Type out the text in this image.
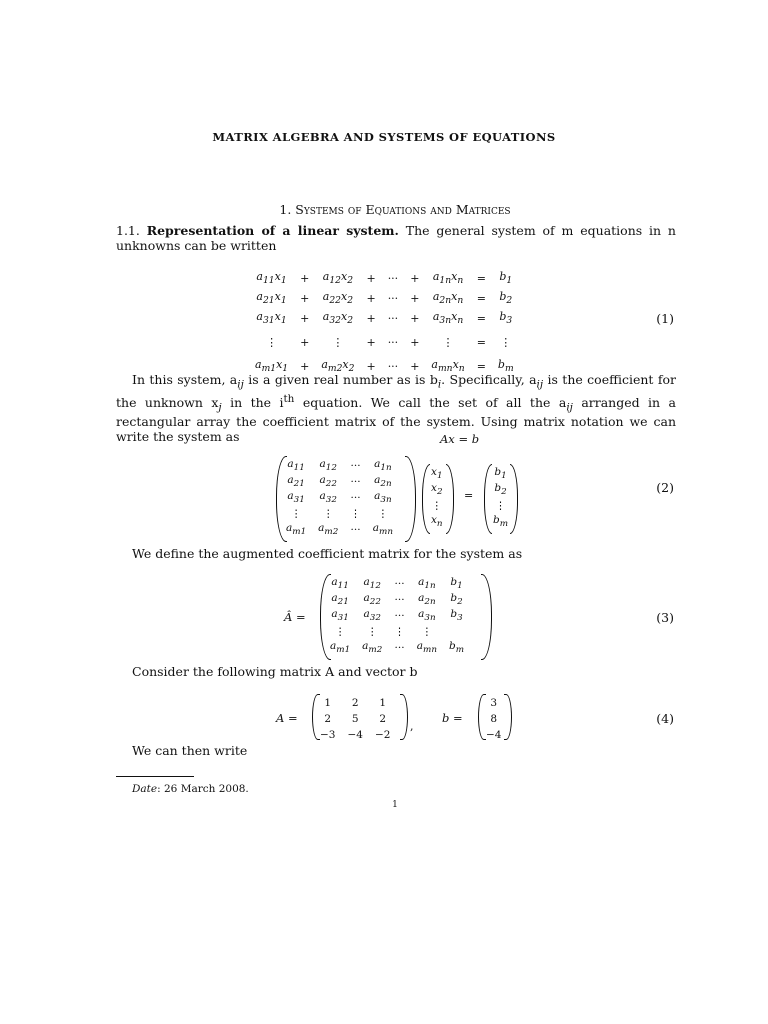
MATRIX ALGEBRA AND SYSTEMS OF EQUATIONS
1. Systems of Equations and Matrices
1.1. Representation of a linear system. The general system of m equations in n unknowns can be written
$a_{11}x_1$	+	$a_{12}x_2$	+	···	+	$a_{1n}x_n$	=	$b_1$
$a_{21}x_1$	+	$a_{22}x_2$	+	···	+	$a_{2n}x_n$	=	$b_2$
$a_{31}x_1$	+	$a_{32}x_2$	+	···	+	$a_{3n}x_n$	=	$b_3$
⋮	+	⋮	+	···	+	⋮	=	⋮
$a_{m1}x_1$	+	$a_{m2}x_2$	+	···	+	$a_{mn}x_n$	=	$b_m$
(1)
In this system, $a_{ij}$ is a given real number as is $b_i$. Specifically, $a_{ij}$ is the coefficient for the unknown $x_j$ in the $i^{th}$ equation. We call the set of all the $a_{ij}$ arranged in a rectangular array the coefficient matrix of the system. Using matrix notation we can write the system as	Ax = b
$a_{11}$	$a_{12}$	···	$a_{1n}$
$a_{21}$	$a_{22}$	···	$a_{2n}$
$a_{31}$	$a_{32}$	···	$a_{3n}$
⋮	⋮	⋮	⋮
$a_{m1}$	$a_{m2}$	···	$a_{mn}$
$x_1$
$x_2$
⋮
$x_n$
=
$b_1$
$b_2$
⋮
$b_m$
(2)
We define the augmented coefficient matrix for the system as
Â =
$a_{11}$	$a_{12}$	···	$a_{1n}$	$b_1$
$a_{21}$	$a_{22}$	···	$a_{2n}$	$b_2$
$a_{31}$	$a_{32}$	···	$a_{3n}$	$b_3$
⋮	⋮	⋮	⋮	
$a_{m1}$	$a_{m2}$	···	$a_{mn}$	$b_m$
(3)
Consider the following matrix A and vector b
A =
1	2	1
2	5	2
−3	−4	−2
,
b =
3
8
−4
(4)
We can then write
Date: 26 March 2008.
1
